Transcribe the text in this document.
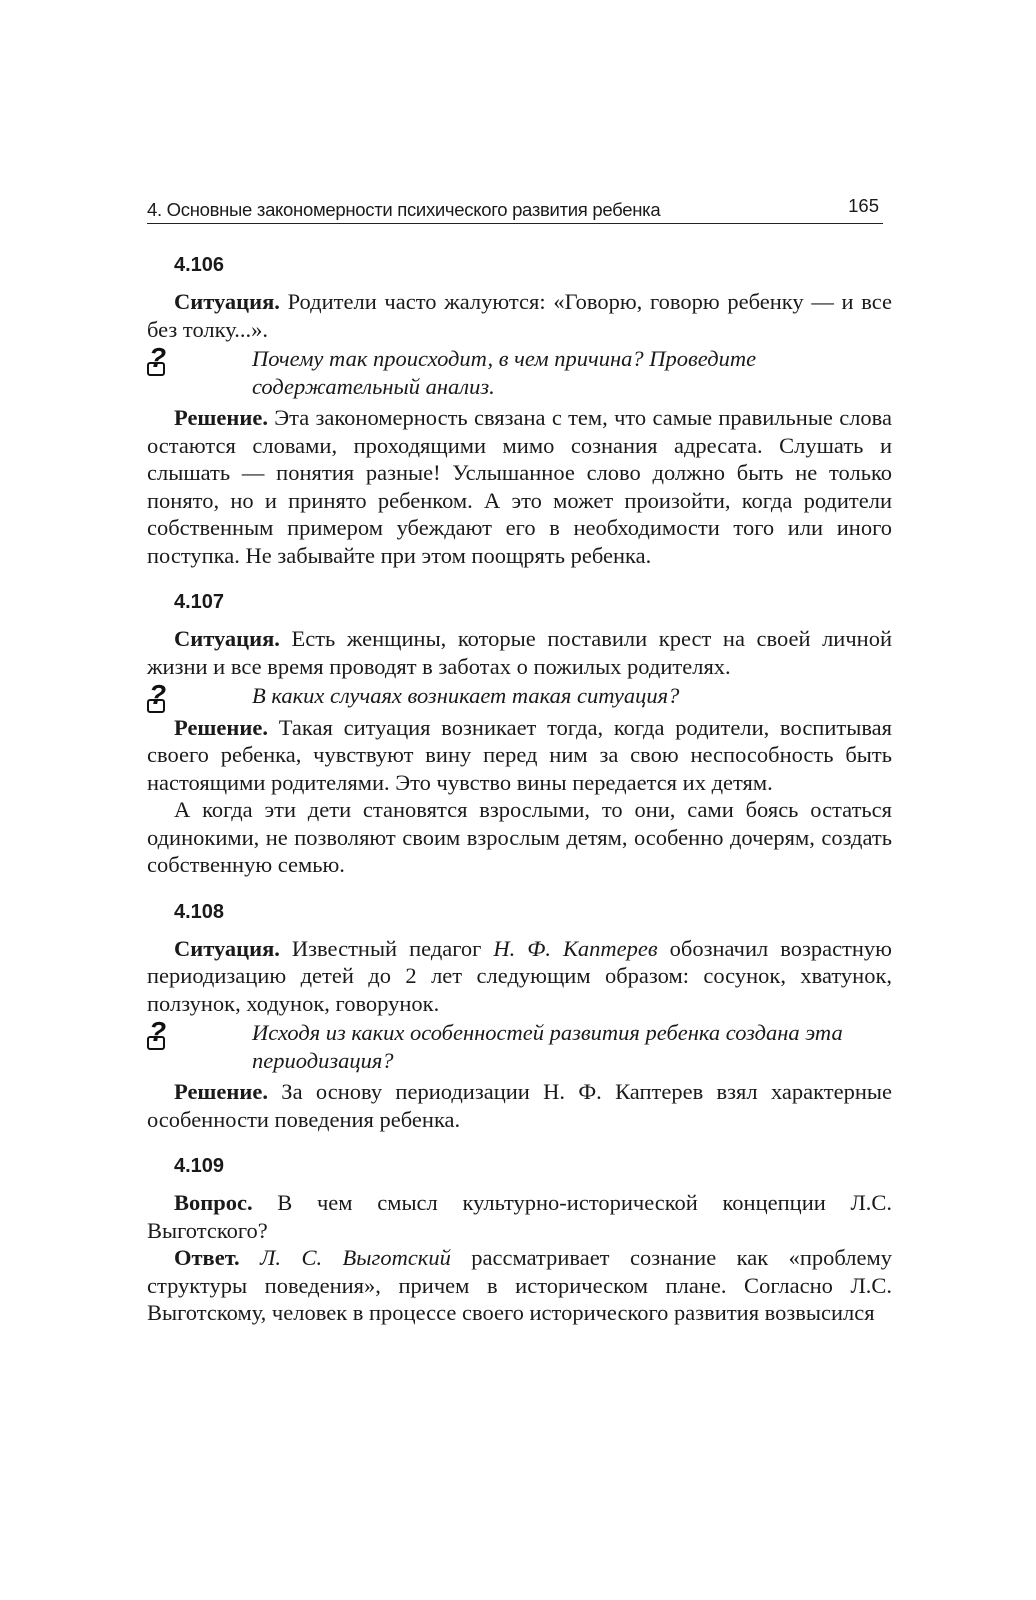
4. Основные закономерности психического развития ребенка	165
4.106

Ситуация. Родители часто жалуются: «Говорю, говорю ребенку — и все без толку...».

?	Почему так происходит, в чем причина? Проведите содержательный анализ.

Решение. Эта закономерность связана с тем, что самые правильные слова остаются словами, проходящими мимо сознания адресата. Слушать и слышать — понятия разные! Услышанное слово должно быть не только понято, но и принято ребенком. А это может произойти, когда родители собственным примером убеждают его в необходимости того или иного поступка. Не забывайте при этом поощрять ребенка.

4.107

Ситуация. Есть женщины, которые поставили крест на своей личной жизни и все время проводят в заботах о пожилых родителях.

?	В каких случаях возникает такая ситуация?

Решение. Такая ситуация возникает тогда, когда родители, воспитывая своего ребенка, чувствуют вину перед ним за свою неспособность быть настоящими родителями. Это чувство вины передается их детям.

А когда эти дети становятся взрослыми, то они, сами боясь остаться одинокими, не позволяют своим взрослым детям, особенно дочерям, создать собственную семью.

4.108

Ситуация. Известный педагог Н. Ф. Каптерев обозначил возрастную периодизацию детей до 2 лет следующим образом: сосунок, хватунок, ползунок, ходунок, говорунок.

?	Исходя из каких особенностей развития ребенка создана эта периодизация?

Решение. За основу периодизации Н. Ф. Каптерев взял характерные особенности поведения ребенка.

4.109

Вопрос. В чем смысл культурно-исторической концепции Л.С. Выготского?

Ответ. Л. С. Выготский рассматривает сознание как «проблему структуры поведения», причем в историческом плане. Согласно Л.С. Выготскому, человек в процессе своего исторического развития возвысился
